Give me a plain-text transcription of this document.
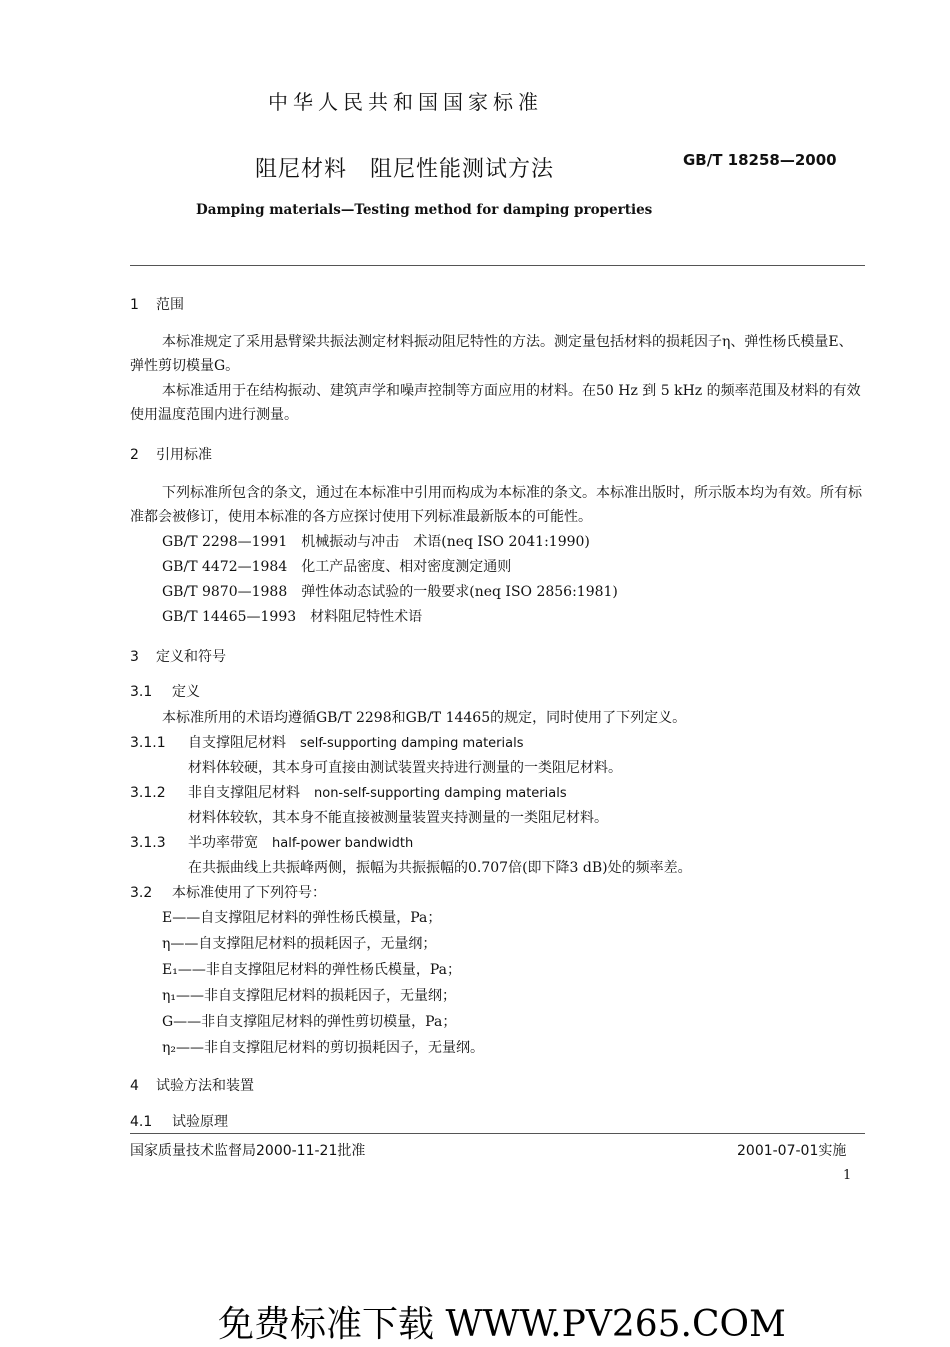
中华人民共和国国家标准
阻尼材料　阻尼性能测试方法	GB/T 18258—2000
Damping materials—Testing method for damping properties
1 范围
本标准规定了采用悬臂梁共振法测定材料振动阻尼特性的方法。测定量包括材料的损耗因子η、弹性杨氏模量E、弹性剪切模量G。
本标准适用于在结构振动、建筑声学和噪声控制等方面应用的材料。在50 Hz 到 5 kHz 的频率范围及材料的有效使用温度范围内进行测量。
2 引用标准
下列标准所包含的条文，通过在本标准中引用而构成为本标准的条文。本标准出版时，所示版本均为有效。所有标准都会被修订，使用本标准的各方应探讨使用下列标准最新版本的可能性。
GB/T 2298—1991　机械振动与冲击　术语(neq ISO 2041:1990)
GB/T 4472—1984　化工产品密度、相对密度测定通则
GB/T 9870—1988　弹性体动态试验的一般要求(neq ISO 2856:1981)
GB/T 14465—1993　材料阻尼特性术语
3 定义和符号
3.1 定义
本标准所用的术语均遵循GB/T 2298和GB/T 14465的规定，同时使用了下列定义。
3.1.1 自支撑阻尼材料 self-supporting damping materials
材料体较硬，其本身可直接由测试装置夹持进行测量的一类阻尼材料。
3.1.2 非自支撑阻尼材料 non-self-supporting damping materials
材料体较软，其本身不能直接被测量装置夹持测量的一类阻尼材料。
3.1.3 半功率带宽 half-power bandwidth
在共振曲线上共振峰两侧，振幅为共振振幅的0.707倍(即下降3 dB)处的频率差。
3.2 本标准使用了下列符号：
E——自支撑阻尼材料的弹性杨氏模量，Pa；
η——自支撑阻尼材料的损耗因子，无量纲；
E₁——非自支撑阻尼材料的弹性杨氏模量，Pa；
η₁——非自支撑阻尼材料的损耗因子，无量纲；
G——非自支撑阻尼材料的弹性剪切模量，Pa；
η₂——非自支撑阻尼材料的剪切损耗因子，无量纲。
4 试验方法和装置
4.1 试验原理
国家质量技术监督局2000-11-21批准	2001-07-01实施
1
免费标准下载 WWW.PV265.COM
